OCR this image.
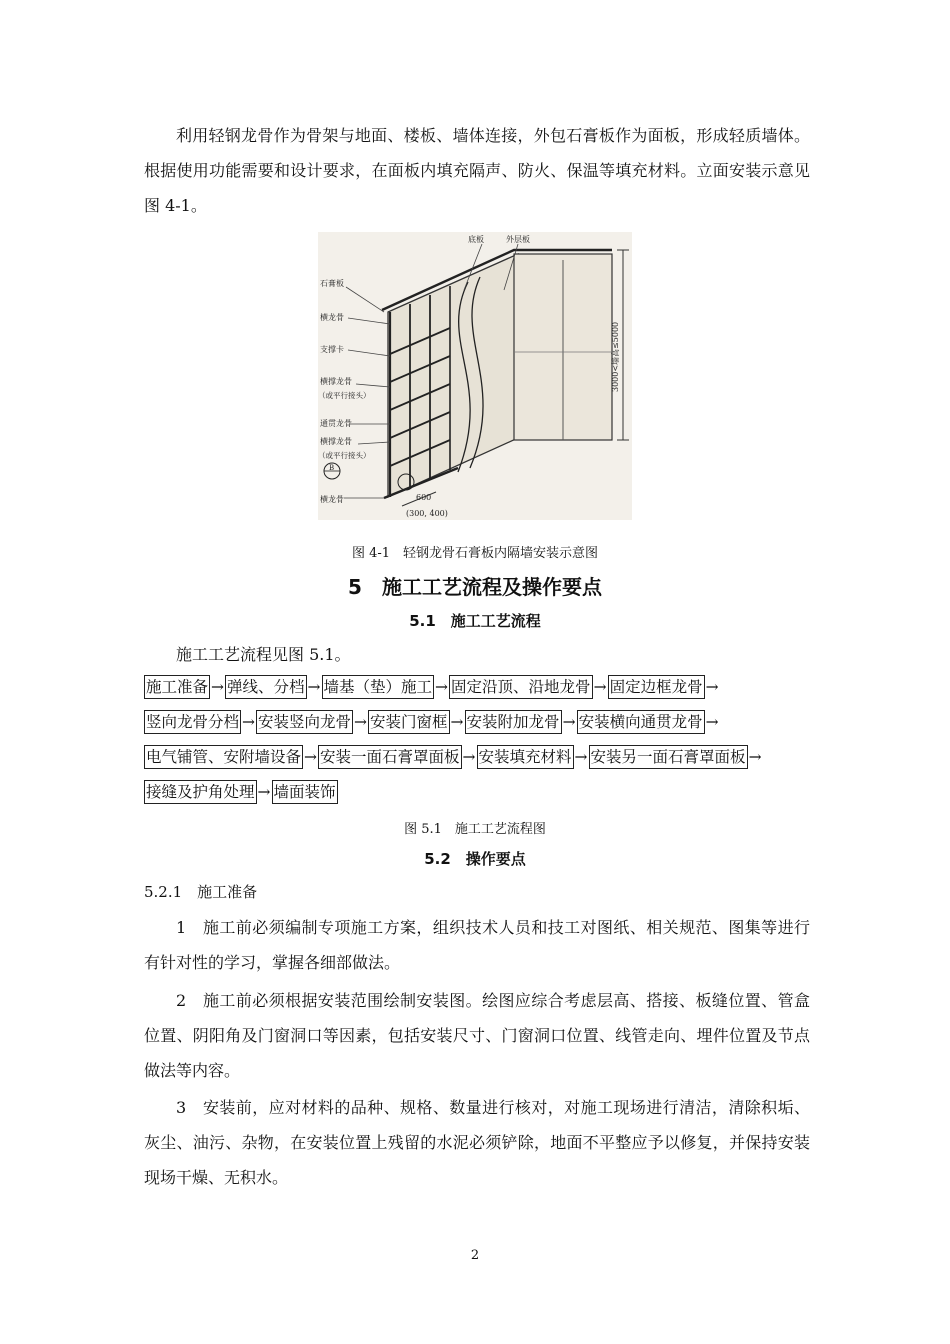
利用轻钢龙骨作为骨架与地面、楼板、墙体连接，外包石膏板作为面板，形成轻质墙体。根据使用功能需要和设计要求，在面板内填充隔声、防火、保温等填充材料。立面安装示意见图 4-1。

底板	外层板
石膏板
横龙骨
支撑卡
横撑龙骨
（或平行接头）
通贯龙骨
横撑龙骨
（或平行接头）
B
横龙骨	600
(300, 400)
3000<墙高≤5000

图 4-1　轻钢龙骨石膏板内隔墙安装示意图

5　施工工艺流程及操作要点
5.1　施工工艺流程

施工工艺流程见图 5.1。

施工准备 → 弹线、分档 → 墙基（垫）施工 → 固定沿顶、沿地龙骨 → 固定边框龙骨 →
竖向龙骨分档 → 安装竖向龙骨 → 安装门窗框 → 安装附加龙骨 → 安装横向通贯龙骨 →
电气铺管、安附墙设备 → 安装一面石膏罩面板 → 安装填充材料 → 安装另一面石膏罩面板 →
接缝及护角处理 → 墙面装饰

图 5.1　施工工艺流程图

5.2　操作要点

5.2.1　施工准备

1　施工前必须编制专项施工方案，组织技术人员和技工对图纸、相关规范、图集等进行有针对性的学习，掌握各细部做法。

2　施工前必须根据安装范围绘制安装图。绘图应综合考虑层高、搭接、板缝位置、管盒位置、阴阳角及门窗洞口等因素，包括安装尺寸、门窗洞口位置、线管走向、埋件位置及节点做法等内容。

3　安装前，应对材料的品种、规格、数量进行核对，对施工现场进行清洁，清除积垢、灰尘、油污、杂物，在安装位置上残留的水泥必须铲除，地面不平整应予以修复，并保持安装现场干燥、无积水。

2
